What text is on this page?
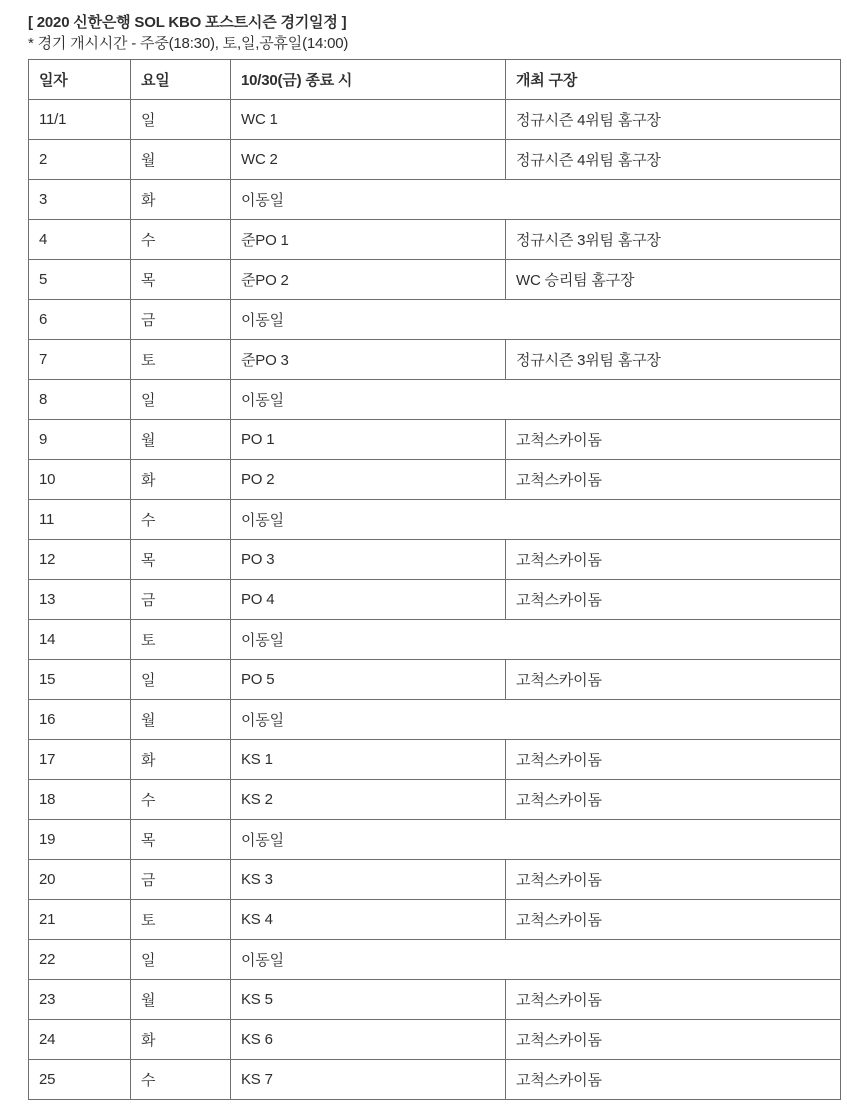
[ 2020 신한은행 SOL KBO 포스트시즌 경기일정 ]
* 경기 개시시간 - 주중(18:30), 토,일,공휴일(14:00)
일자	요일	10/30(금) 종료 시	개최 구장
11/1	일	WC 1	정규시즌 4위팀 홈구장
2	월	WC 2	정규시즌 4위팀 홈구장
3	화	이동일	
4	수	준PO 1	정규시즌 3위팀 홈구장
5	목	준PO 2	WC 승리팀 홈구장
6	금	이동일	
7	토	준PO 3	정규시즌 3위팀 홈구장
8	일	이동일	
9	월	PO 1	고척스카이돔
10	화	PO 2	고척스카이돔
11	수	이동일	
12	목	PO 3	고척스카이돔
13	금	PO 4	고척스카이돔
14	토	이동일	
15	일	PO 5	고척스카이돔
16	월	이동일	
17	화	KS 1	고척스카이돔
18	수	KS 2	고척스카이돔
19	목	이동일	
20	금	KS 3	고척스카이돔
21	토	KS 4	고척스카이돔
22	일	이동일	
23	월	KS 5	고척스카이돔
24	화	KS 6	고척스카이돔
25	수	KS 7	고척스카이돔
